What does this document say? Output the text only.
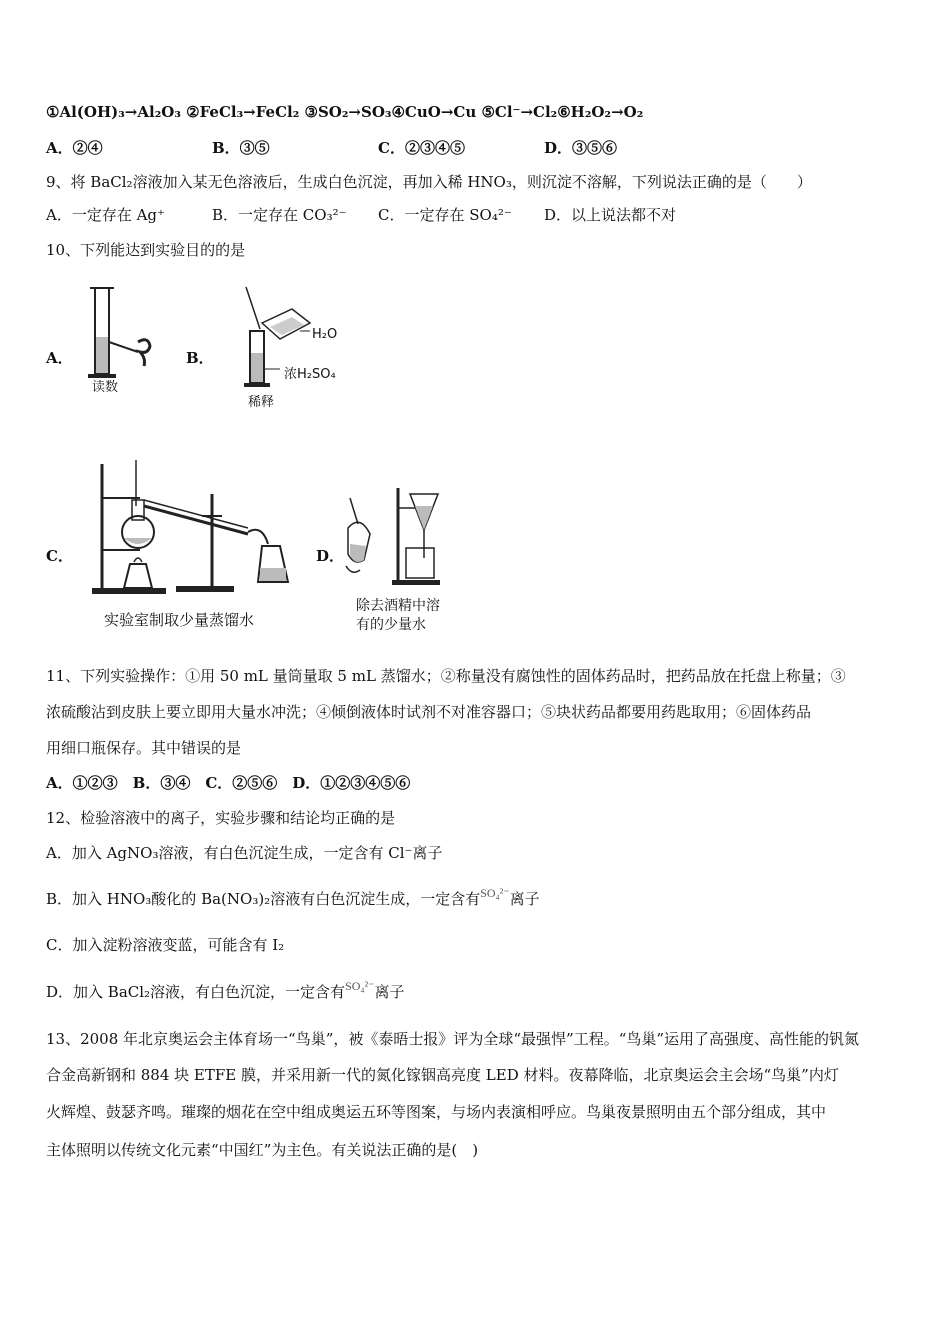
①Al(OH)₃→Al₂O₃ ②FeCl₃→FeCl₂ ③SO₂→SO₃④CuO→Cu ⑤Cl⁻→Cl₂⑥H₂O₂→O₂
A．②④	B．③⑤	C．②③④⑤	D．③⑤⑥
9、将 BaCl₂溶液加入某无色溶液后，生成白色沉淀，再加入稀 HNO₃，则沉淀不溶解，下列说法正确的是（　　）
A．一定存在 Ag⁺	B．一定存在 CO₃²⁻ C．一定存在 SO₄²⁻ D．以上说法都不对
10、下列能达到实验目的的是
A．
读数
B．
H₂O
浓H₂SO₄
稀释
C．
实验室制取少量蒸馏水
D．
除去酒精中溶
有的少量水
11、下列实验操作：①用 50 mL 量筒量取 5 mL 蒸馏水；②称量没有腐蚀性的固体药品时，把药品放在托盘上称量；③
浓硫酸沾到皮肤上要立即用大量水冲洗；④倾倒液体时试剂不对准容器口；⑤块状药品都要用药匙取用；⑥固体药品
用细口瓶保存。其中错误的是
A．①②③　B．③④　C．②⑤⑥　D．①②③④⑤⑥
12、检验溶液中的离子，实验步骤和结论均正确的是
A．加入 AgNO₃溶液，有白色沉淀生成，一定含有 Cl⁻离子
B．加入 HNO₃酸化的 Ba(NO₃)₂溶液有白色沉淀生成，一定含有$^{SO_4^{2-}}$离子
C．加入淀粉溶液变蓝，可能含有 I₂
D．加入 BaCl₂溶液，有白色沉淀，一定含有$^{SO_4^{2-}}$离子
13、2008 年北京奥运会主体育场一“鸟巢”，被《泰晤士报》评为全球“最强悍”工程。“鸟巢”运用了高强度、高性能的钒氮
合金高新钢和 884 块 ETFE 膜，并采用新一代的氮化镓铟高亮度 LED 材料。夜幕降临，北京奥运会主会场“鸟巢”内灯
火辉煌、鼓瑟齐鸣。璀璨的烟花在空中组成奥运五环等图案，与场内表演相呼应。鸟巢夜景照明由五个部分组成，其中
主体照明以传统文化元素“中国红”为主色。有关说法正确的是(　)
